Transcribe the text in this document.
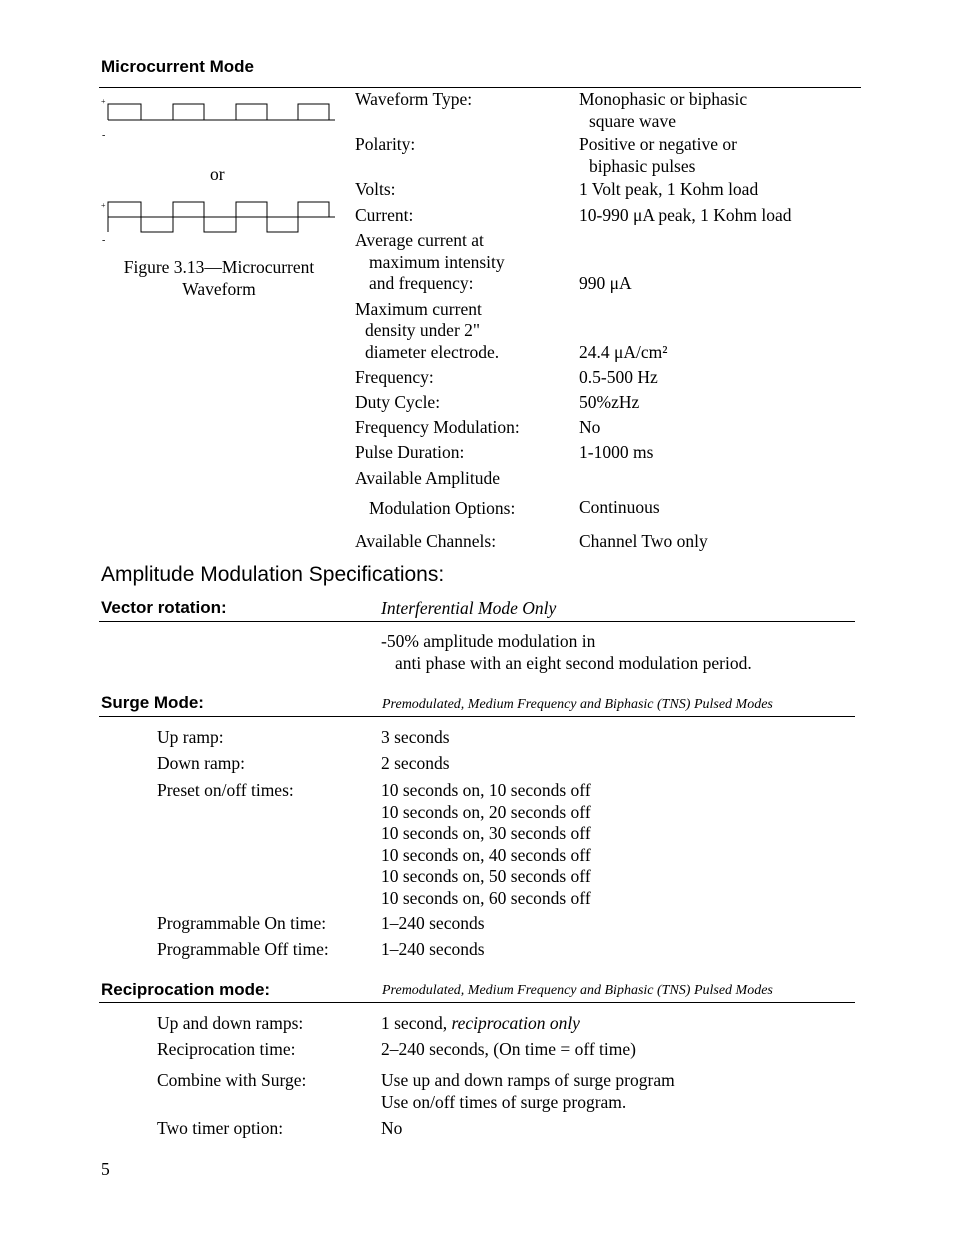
Microcurrent Mode
+
-
or
+
-
Figure 3.13—Microcurrent
Waveform
Waveform Type:	Monophasic or biphasic
square wave
Polarity:	Positive or negative or
biphasic pulses
Volts:	1 Volt peak, 1 Kohm load
Current:	10-990 μA peak, 1 Kohm load
Average current at
maximum intensity
and frequency:	990 μA
Maximum current
density under 2"
diameter electrode.	24.4 μA/cm²
Frequency:	0.5-500 Hz
Duty Cycle:	50%zHz
Frequency Modulation:	No
Pulse Duration:	1-1000 ms
Available Amplitude
Modulation Options:	Continuous
Available Channels:	Channel Two only
Amplitude Modulation Specifications:
Vector rotation:	Interferential Mode Only
-50% amplitude modulation in
anti phase with an eight second modulation period.
Surge Mode:	Premodulated, Medium Frequency and Biphasic (TNS) Pulsed Modes
Up ramp:	3 seconds
Down ramp:	2 seconds
Preset on/off times:	10 seconds on, 10 seconds off
10 seconds on, 20 seconds off
10 seconds on, 30 seconds off
10 seconds on, 40 seconds off
10 seconds on, 50 seconds off
10 seconds on, 60 seconds off
Programmable On time:	1–240 seconds
Programmable Off time:	1–240 seconds
Reciprocation mode:	Premodulated, Medium Frequency and Biphasic (TNS) Pulsed Modes
Up and down ramps:	1 second, reciprocation only
Reciprocation time:	2–240 seconds, (On time = off time)
Combine with Surge:	Use up and down ramps of surge program
Use on/off times of surge program.
Two timer option:	No
5
